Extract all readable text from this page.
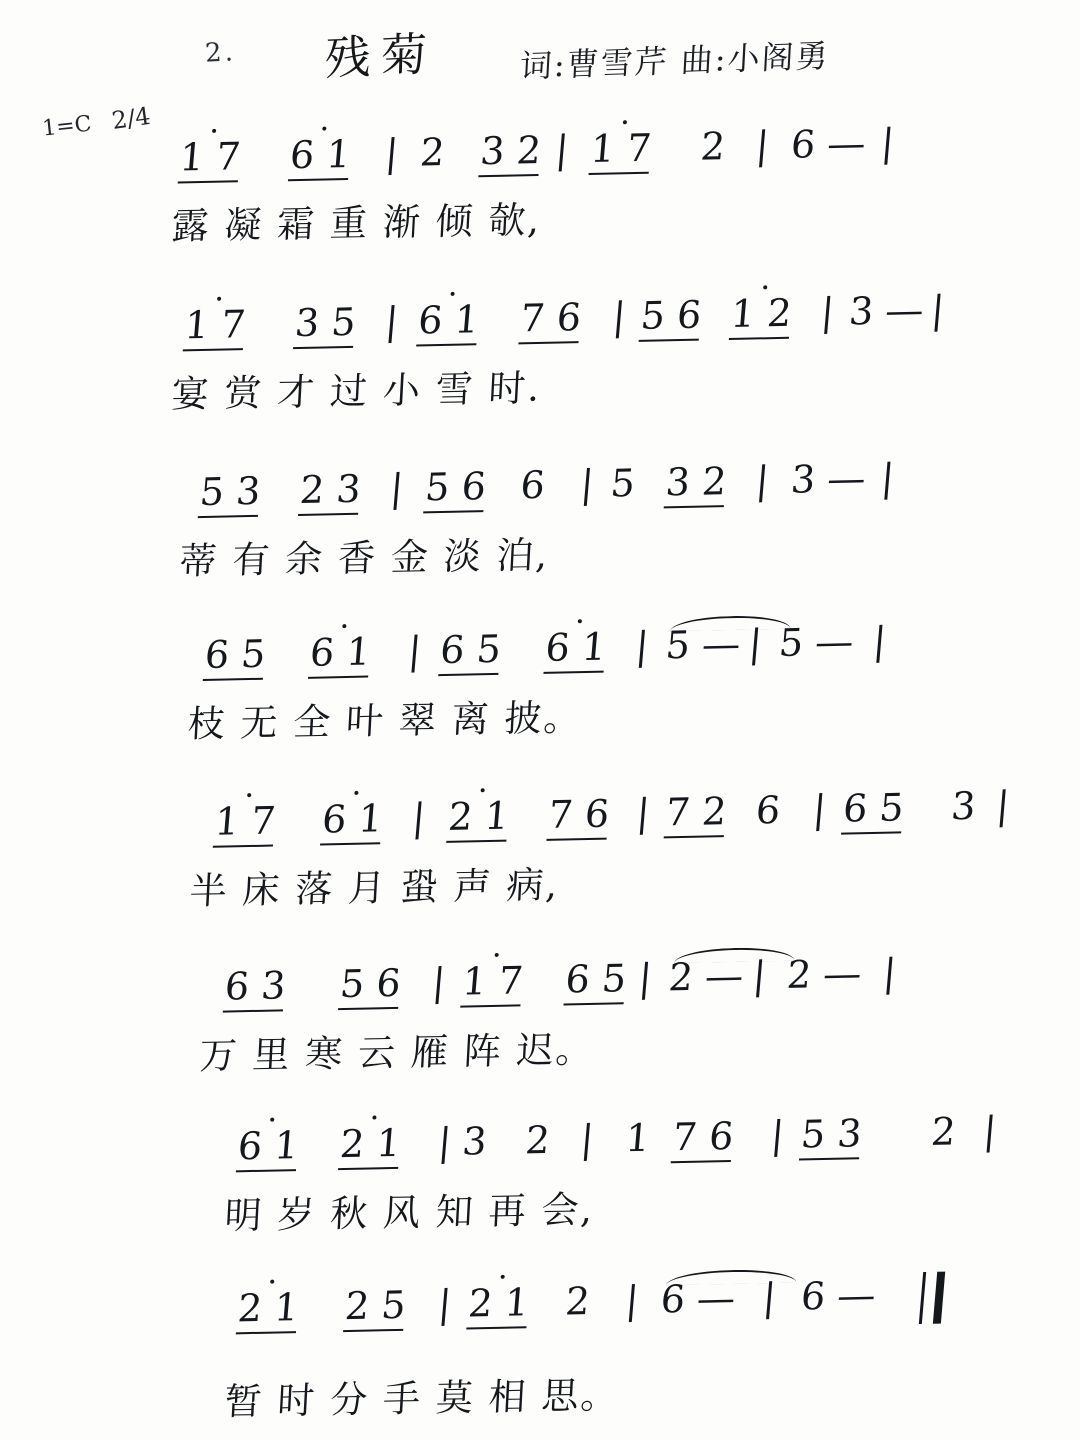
2. 残菊	词:曹雪芹 曲:小阁勇
1=C 2/4
1 7 6 1 | 2 3 2 | 1 7 2 | 6 — |
露 凝 霜 重 渐 倾 欹,
1 7 3 5 | 6 1 7 6 | 5 6 1 2 | 3 — |
宴 赏 才 过 小 雪 时.
5 3 2 3 | 5 6 6 | 5 3 2 | 3 — |
蒂 有 余 香 金 淡 泊,
6 5 6 1 | 6 5 6 1 | 5 — | 5 — |
枝 无 全 叶 翠 离 披。
1 7 6 1 | 2 1 7 6 | 7 2 6 | 6 5 3 |
半 床 落 月 蛩 声 病,
6 3 5 6 | 1 7 6 5 | 2 — | 2 — |
万 里 寒 云 雁 阵 迟。
6 1 2 1 | 3 2 | 1 7 6 | 5 3 2 |
明 岁 秋 风 知 再 会,
2 1 2 5 | 2 1 2 | 6 — | 6 —
暂 时 分 手 莫 相 思。
